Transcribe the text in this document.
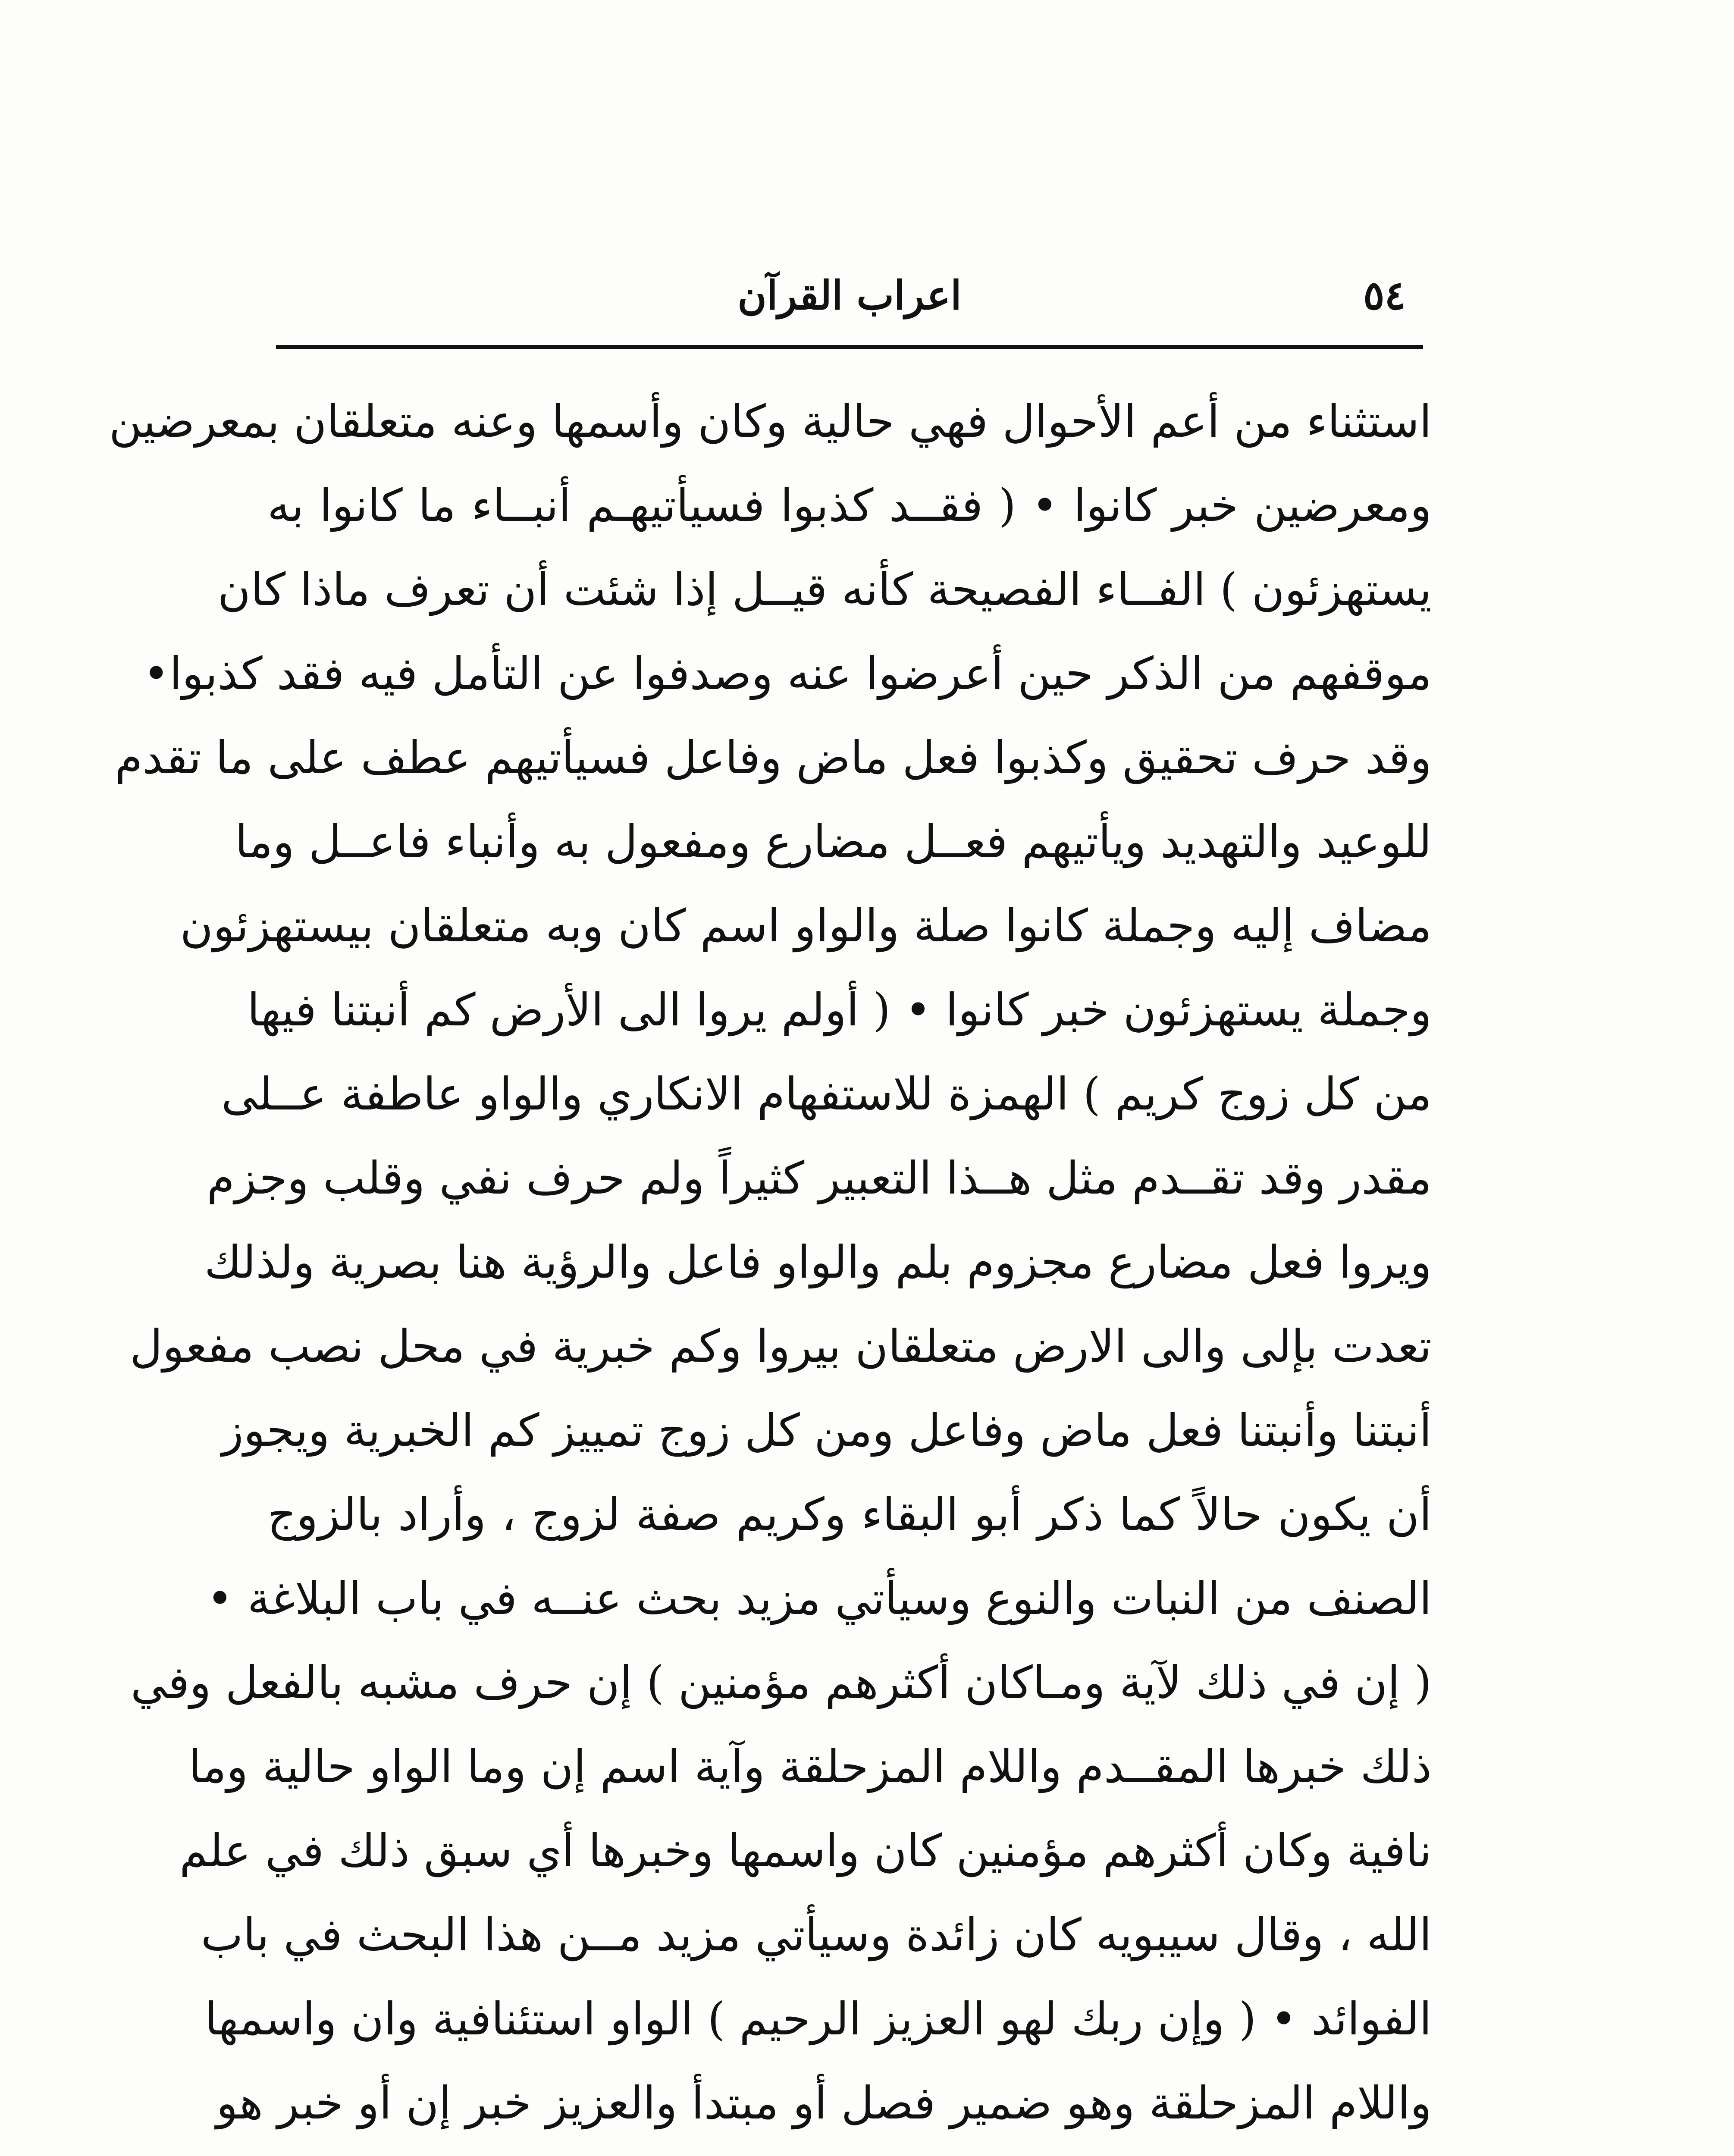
٥٤
اعراب القرآن
استثناء من أعم الأحوال فهي حالية وكان وأسمها وعنه متعلقان بمعرضين
ومعرضين خبر كانوا • ( فقــد كذبوا فسيأتيهـم أنبــاء ما كانوا به
يستهزئون ) الفــاء الفصيحة كأنه قيــل إذا شئت أن تعرف ماذا كان
موقفهم من الذكر حين أعرضوا عنه وصدفوا عن التأمل فيه فقد كذبوا•
وقد حرف تحقيق وكذبوا فعل ماض وفاعل فسيأتيهم عطف على ما تقدم
للوعيد والتهديد ويأتيهم فعــل مضارع ومفعول به وأنباء فاعــل وما
مضاف إليه وجملة كانوا صلة والواو اسم كان وبه متعلقان بيستهزئون
وجملة يستهزئون خبر كانوا • ( أولم يروا الى الأرض كم أنبتنا فيها
من كل زوج كريم ) الهمزة للاستفهام الانكاري والواو عاطفة عــلى
مقدر وقد تقــدم مثل هــذا التعبير كثيراً ولم حرف نفي وقلب وجزم
ويروا فعل مضارع مجزوم بلم والواو فاعل والرؤية هنا بصرية ولذلك
تعدت بإلى والى الارض متعلقان بيروا وكم خبرية في محل نصب مفعول
أنبتنا وأنبتنا فعل ماض وفاعل ومن كل زوج تمييز كم الخبرية ويجوز
أن يكون حالاً كما ذكر أبو البقاء وكريم صفة لزوج ، وأراد بالزوج
الصنف من النبات والنوع وسيأتي مزيد بحث عنــه في باب البلاغة •
( إن في ذلك لآية ومـاكان أكثرهم مؤمنين ) إن حرف مشبه بالفعل وفي
ذلك خبرها المقــدم واللام المزحلقة وآية اسم إن وما الواو حالية وما
نافية وكان أكثرهم مؤمنين كان واسمها وخبرها أي سبق ذلك في علم
الله ، وقال سيبويه كان زائدة وسيأتي مزيد مــن هذا البحث في باب
الفوائد • ( وإن ربك لهو العزيز الرحيم ) الواو استئنافية وان واسمها
واللام المزحلقة وهو ضمير فصل أو مبتدأ والعزيز خبر إن أو خبر هو
